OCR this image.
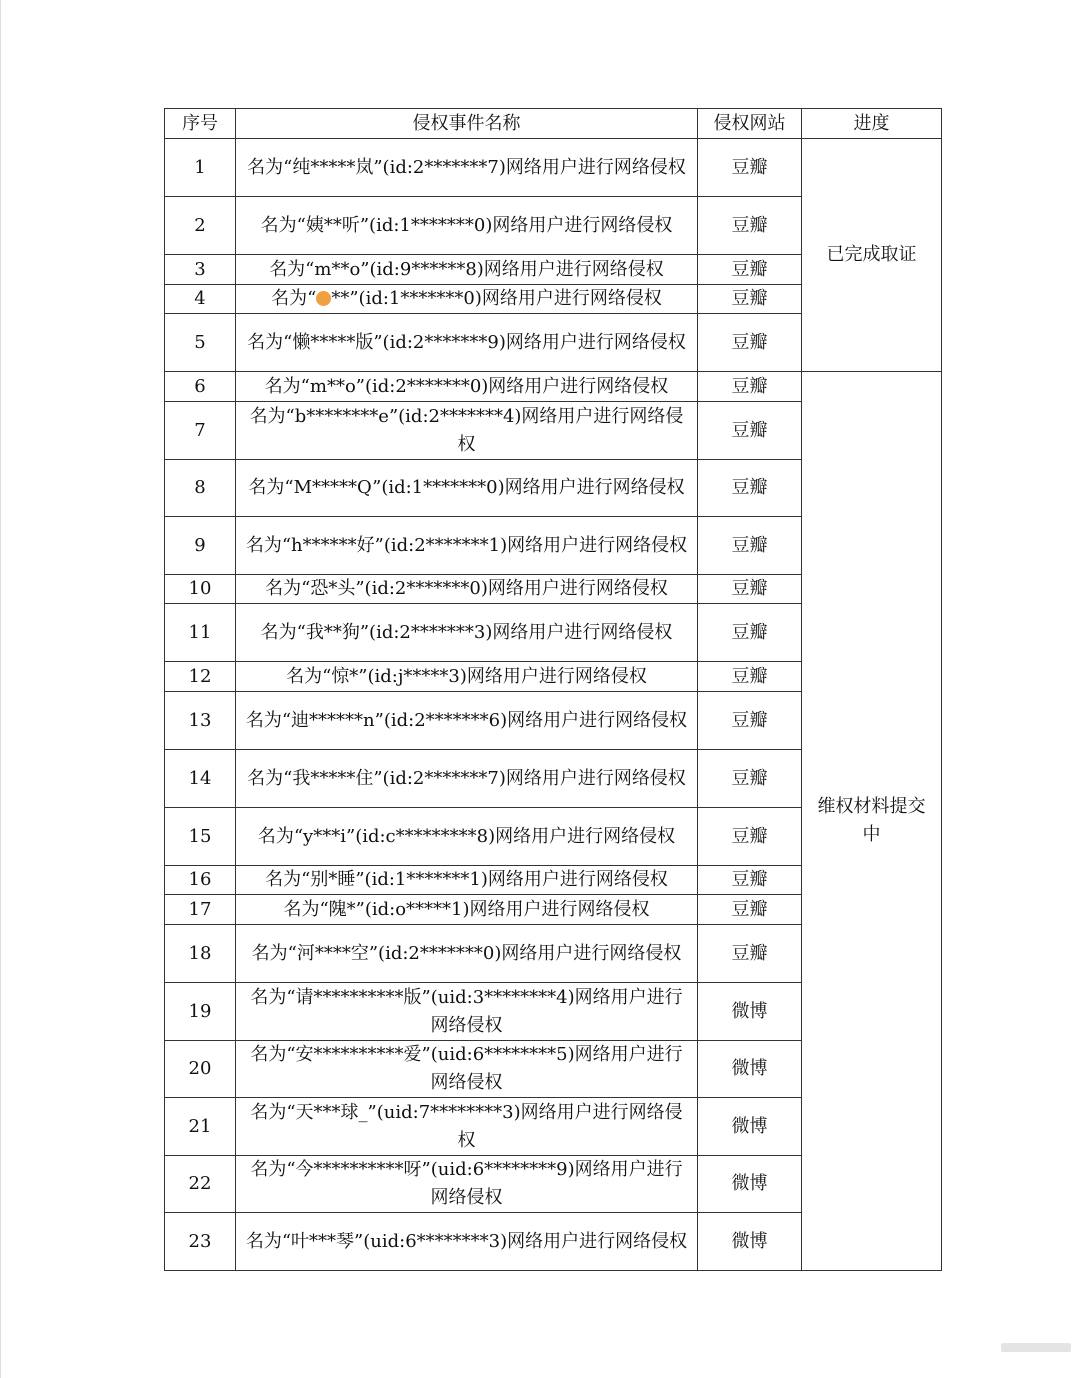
序号	侵权事件名称	侵权网站	进度
1	名为“纯*****岚”(id:2*******7)网络用户进行网络侵权	豆瓣	已完成取证
2	名为“姨**听”(id:1*******0)网络用户进行网络侵权	豆瓣	
3	名为“m**o”(id:9******8)网络用户进行网络侵权	豆瓣	
4	名为“ **”(id:1*******0)网络用户进行网络侵权	豆瓣	
5	名为“懒*****版”(id:2*******9)网络用户进行网络侵权	豆瓣	
6	名为“m**o”(id:2*******0)网络用户进行网络侵权	豆瓣	维权材料提交中
7	名为“b********e”(id:2*******4)网络用户进行网络侵权	豆瓣	
8	名为“M*****Q”(id:1*******0)网络用户进行网络侵权	豆瓣	
9	名为“h******好”(id:2*******1)网络用户进行网络侵权	豆瓣	
10	名为“恐*头”(id:2*******0)网络用户进行网络侵权	豆瓣	
11	名为“我**狗”(id:2*******3)网络用户进行网络侵权	豆瓣	
12	名为“惊*”(id:j*****3)网络用户进行网络侵权	豆瓣	
13	名为“迪******n”(id:2*******6)网络用户进行网络侵权	豆瓣	
14	名为“我*****住”(id:2*******7)网络用户进行网络侵权	豆瓣	
15	名为“y***i”(id:c*********8)网络用户进行网络侵权	豆瓣	
16	名为“别*睡”(id:1*******1)网络用户进行网络侵权	豆瓣	
17	名为“隗*”(id:o*****1)网络用户进行网络侵权	豆瓣	
18	名为“河****空”(id:2*******0)网络用户进行网络侵权	豆瓣	
19	名为“请**********版”(uid:3********4)网络用户进行网络侵权	微博	
20	名为“安**********爱”(uid:6********5)网络用户进行网络侵权	微博	
21	名为“天***球_”(uid:7********3)网络用户进行网络侵权	微博	
22	名为“今**********呀”(uid:6********9)网络用户进行网络侵权	微博	
23	名为“叶***琴”(uid:6********3)网络用户进行网络侵权	微博	
